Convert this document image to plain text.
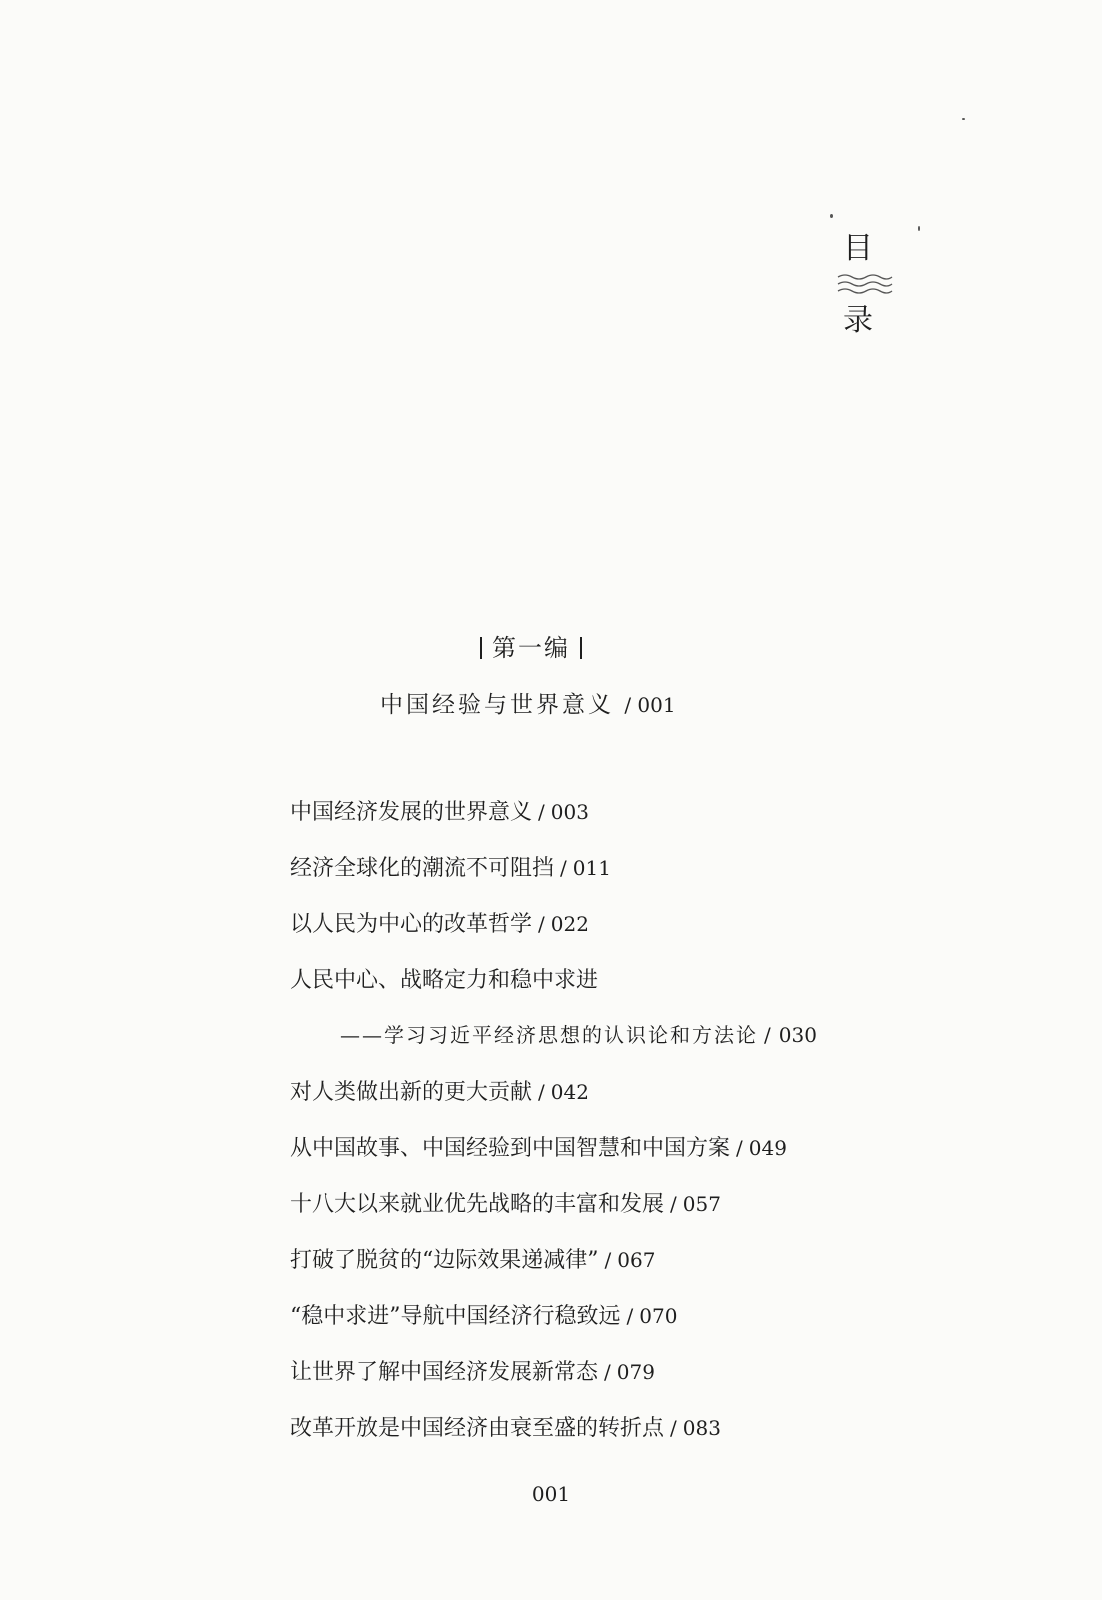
目
录
第一编
中国经验与世界意义 / 001
中国经济发展的世界意义 / 003
经济全球化的潮流不可阻挡 / 011
以人民为中心的改革哲学 / 022
人民中心、战略定力和稳中求进
——学习习近平经济思想的认识论和方法论 / 030
对人类做出新的更大贡献 / 042
从中国故事、中国经验到中国智慧和中国方案 / 049
十八大以来就业优先战略的丰富和发展 / 057
打破了脱贫的“边际效果递减律” / 067
“稳中求进”导航中国经济行稳致远 / 070
让世界了解中国经济发展新常态 / 079
改革开放是中国经济由衰至盛的转折点 / 083
001
